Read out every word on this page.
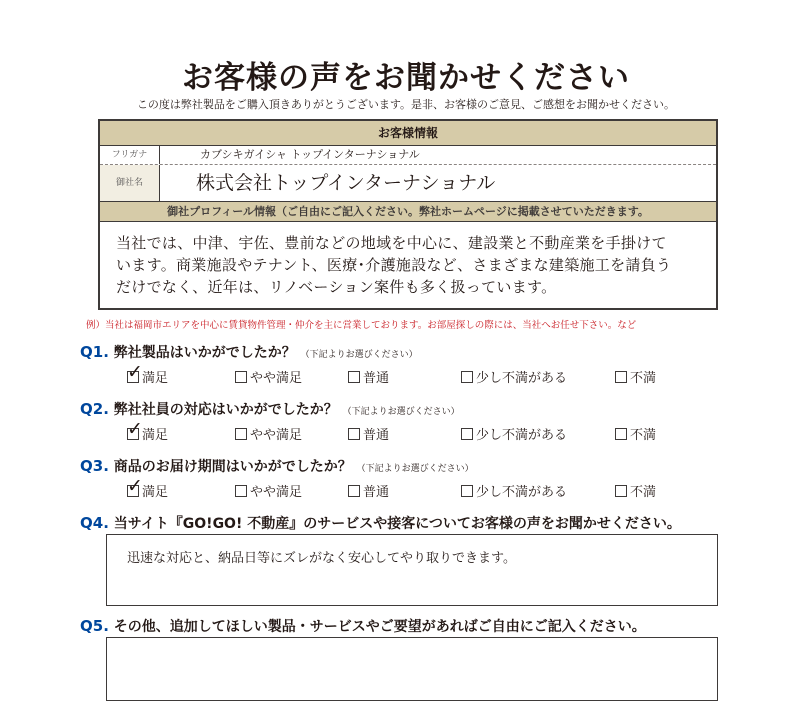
お客様の声をお聞かせください
この度は弊社製品をご購入頂きありがとうございます。是非、お客様のご意見、ご感想をお聞かせください。
お客様情報
フリガナ	カブシキガイシャ トップインターナショナル
御社名	株式会社トップインターナショナル
御社プロフィール情報（ご自由にご記入ください。弊社ホームページに掲載させていただきます。
当社では、中津、宇佐、豊前などの地域を中心に、建設業と不動産業を手掛けて
います。商業施設やテナント、医療･介護施設など、さまざまな建築施工を請負う
だけでなく、近年は、リノベーション案件も多く扱っています。
例）当社は福岡市エリアを中心に賃貸物件管理・仲介を主に営業しております。お部屋探しの際には、当社へお任せ下さい。など
Q1. 弊社製品はいかがでしたか？ （下記よりお選びください）
✓ 満足	やや満足	普通	少し不満がある	不満
Q2. 弊社社員の対応はいかがでしたか？ （下記よりお選びください）
✓ 満足	やや満足	普通	少し不満がある	不満
Q3. 商品のお届け期間はいかがでしたか？ （下記よりお選びください）
✓ 満足	やや満足	普通	少し不満がある	不満
Q4. 当サイト『GO!GO! 不動産』のサービスや接客についてお客様の声をお聞かせください。
迅速な対応と、納品日等にズレがなく安心してやり取りできます。
Q5. その他、追加してほしい製品・サービスやご要望があればご自由にご記入ください。
